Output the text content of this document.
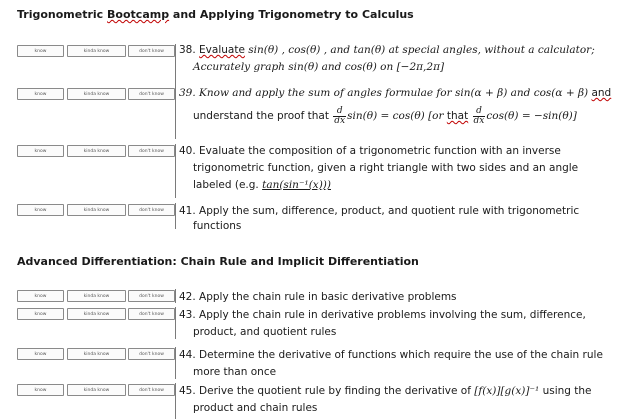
Trigonometric Bootcamp and Applying Trigonometry to Calculus
know	kinda know	don't know	38. Evaluate sin(θ) , cos(θ) , and tan(θ) at special angles, without a calculator;
Accurately graph sin(θ) and cos(θ) on [−2π,2π]
know	kinda know	don't know	39. Know and apply the sum of angles formulae for sin(α + β) and cos(α + β) and
understand the proof that $\frac{d}{dx} \sin(\theta) = \cos(\theta)$ [or that $\frac{d}{dx} \cos(\theta) = -\sin(\theta)$]
know	kinda know	don't know	40. Evaluate the composition of a trigonometric function with an inverse
trigonometric function, given a right triangle with two sides and an angle
labeled (e.g. tan(sin⁻¹(x)))
know	kinda know	don't know	41. Apply the sum, difference, product, and quotient rule with trigonometric
functions
Advanced Differentiation: Chain Rule and Implicit Differentiation
know	kinda know	don't know	42. Apply the chain rule in basic derivative problems
know	kinda know	don't know	43. Apply the chain rule in derivative problems involving the sum, difference,
product, and quotient rules
know	kinda know	don't know	44. Determine the derivative of functions which require the use of the chain rule
more than once
know	kinda know	don't know	45. Derive the quotient rule by finding the derivative of [f(x)][g(x)]⁻¹ using the
product and chain rules
